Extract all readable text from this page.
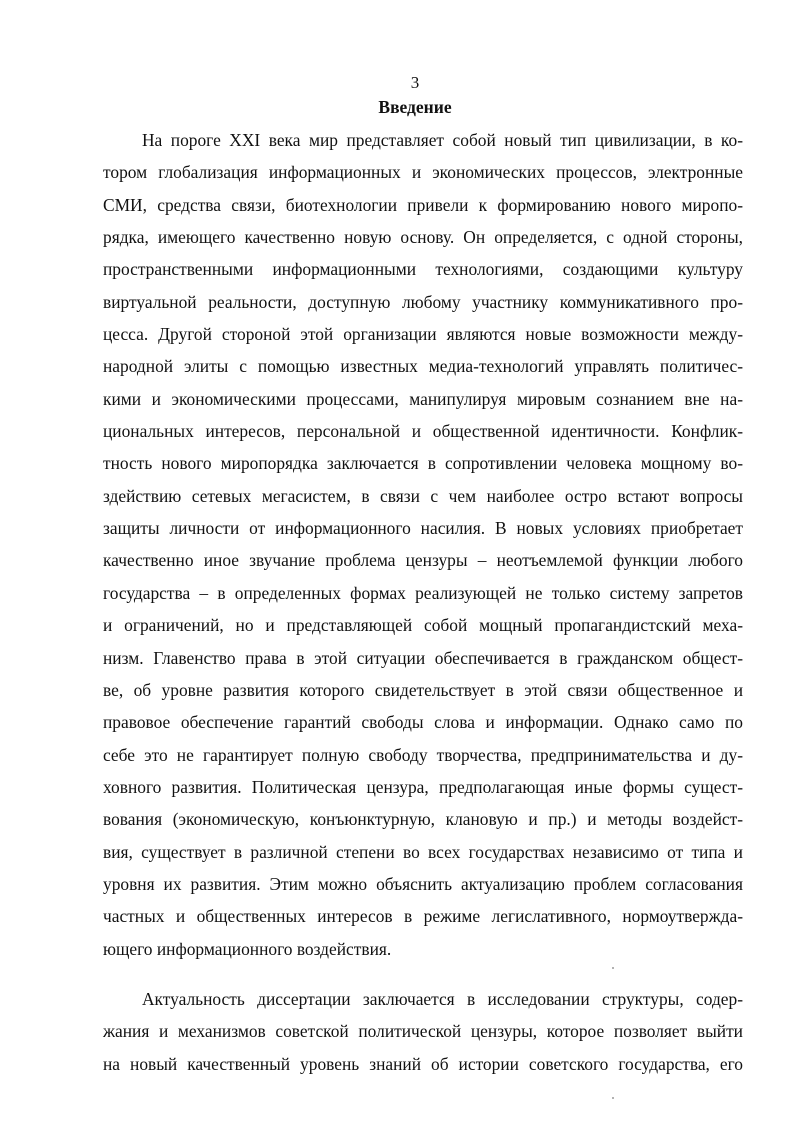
3
Введение
На пороге XXI века мир представляет собой новый тип цивилизации, в ко-
тором глобализация информационных и экономических процессов, электронные
СМИ, средства связи, биотехнологии привели к формированию нового миропо-
рядка, имеющего качественно новую основу. Он определяется, с одной стороны,
пространственными информационными технологиями, создающими культуру
виртуальной реальности, доступную любому участнику коммуникативного про-
цесса. Другой стороной этой организации являются новые возможности между-
народной элиты с помощью известных медиа-технологий управлять политичес-
кими и экономическими процессами, манипулируя мировым сознанием вне на-
циональных интересов, персональной и общественной идентичности. Конфлик-
тность нового миропорядка заключается в сопротивлении человека мощному во-
здействию сетевых мегасистем, в связи с чем наиболее остро встают вопросы
защиты личности от информационного насилия. В новых условиях приобретает
качественно иное звучание проблема цензуры – неотъемлемой функции любого
государства – в определенных формах реализующей не только систему запретов
и ограничений, но и представляющей собой мощный пропагандистский меха-
низм. Главенство права в этой ситуации обеспечивается в гражданском общест-
ве, об уровне развития которого свидетельствует в этой связи общественное и
правовое обеспечение гарантий свободы слова и информации. Однако само по
себе это не гарантирует полную свободу творчества, предпринимательства и ду-
ховного развития. Политическая цензура, предполагающая иные формы сущест-
вования (экономическую, конъюнктурную, клановую и пр.) и методы воздейст-
вия, существует в различной степени во всех государствах независимо от типа и
уровня их развития. Этим можно объяснить актуализацию проблем согласования
частных и общественных интересов в режиме легислативного, нормоутвержда-
ющего информационного воздействия.
Актуальность диссертации заключается в исследовании структуры, содер-
жания и механизмов советской политической цензуры, которое позволяет выйти
на новый качественный уровень знаний об истории советского государства, его
